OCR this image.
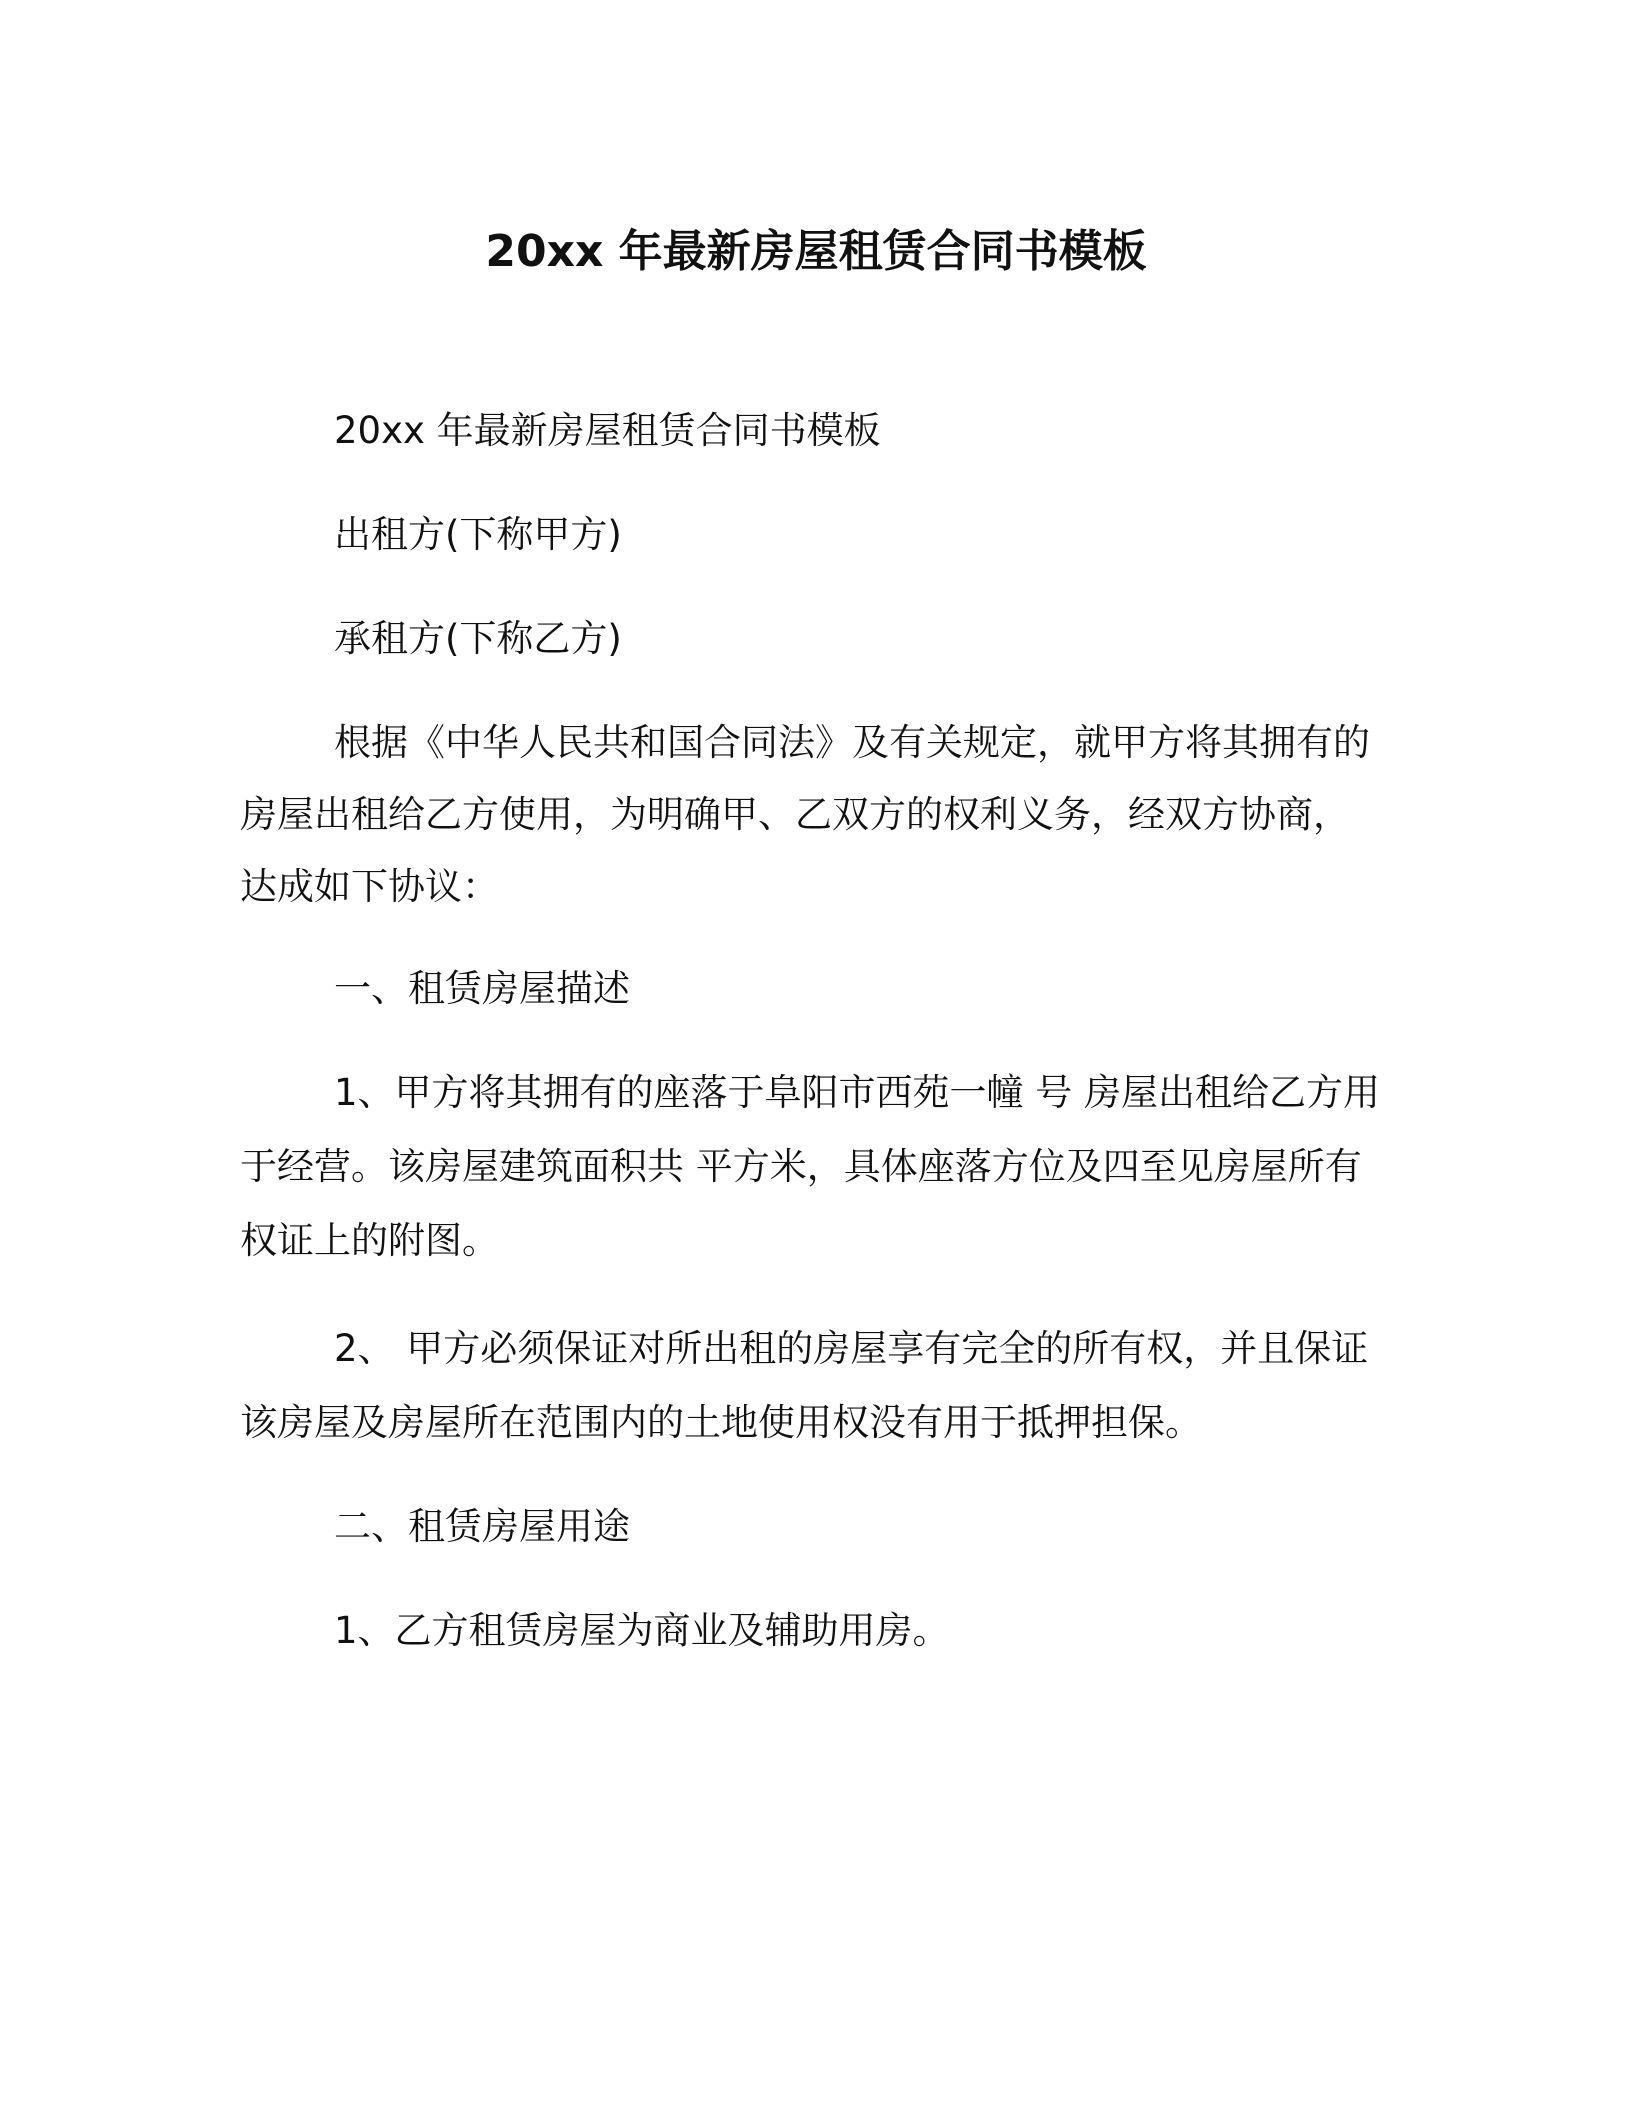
20xx 年最新房屋租赁合同书模板
20xx 年最新房屋租赁合同书模板
出租方(下称甲方)
承租方(下称乙方)
根据《中华人民共和国合同法》及有关规定，就甲方将其拥有的
房屋出租给乙方使用，为明确甲、乙双方的权利义务，经双方协商，
达成如下协议：
一、租赁房屋描述
1、甲方将其拥有的座落于阜阳市西苑一幢 号 房屋出租给乙方用
于经营。该房屋建筑面积共 平方米，具体座落方位及四至见房屋所有
权证上的附图。
2、 甲方必须保证对所出租的房屋享有完全的所有权，并且保证
该房屋及房屋所在范围内的土地使用权没有用于抵押担保。
二、租赁房屋用途
1、乙方租赁房屋为商业及辅助用房。
